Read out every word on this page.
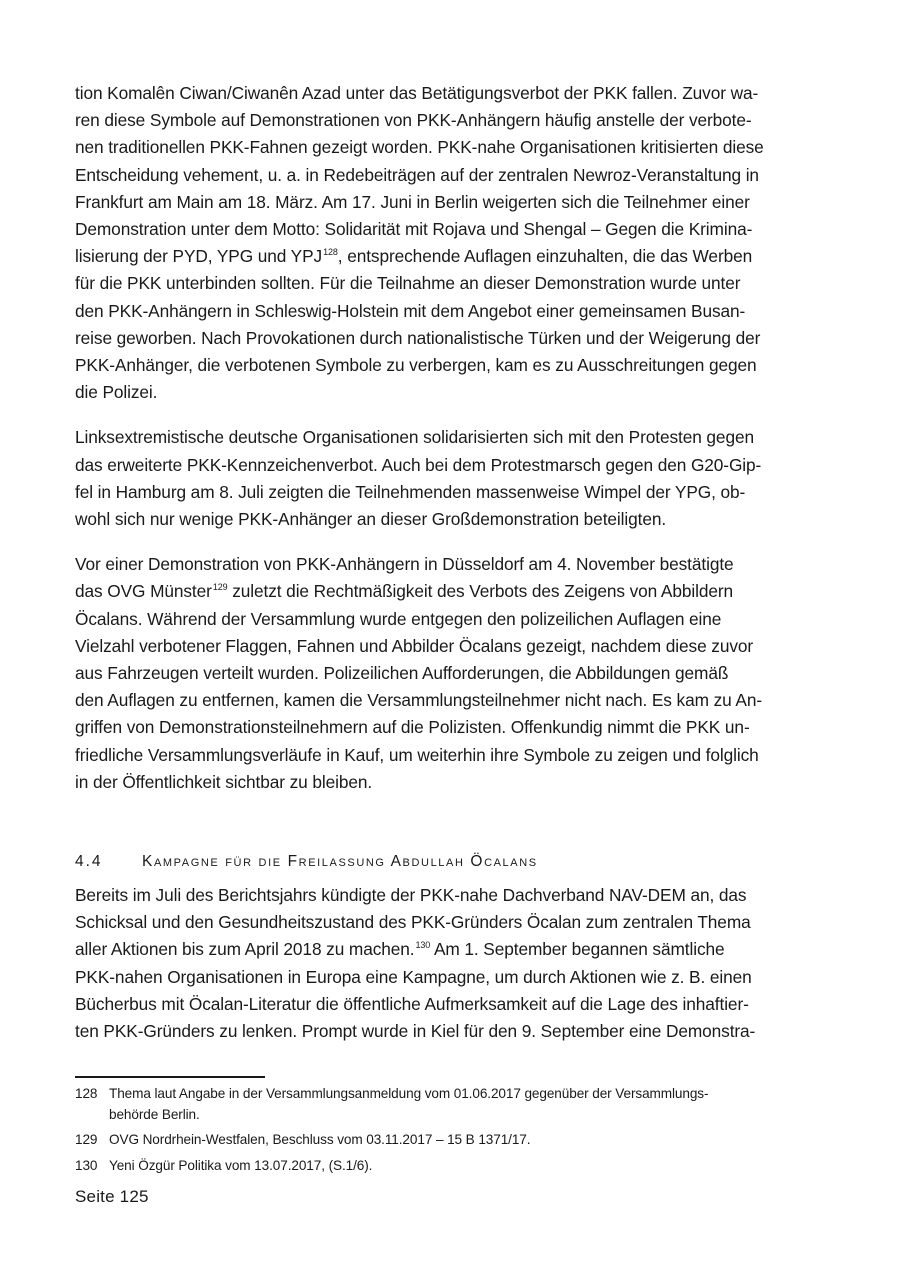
tion Komalên Ciwan/Ciwanên Azad unter das Betätigungsverbot der PKK fallen. Zuvor wa-
ren diese Symbole auf Demonstrationen von PKK-Anhängern häufig anstelle der verbote-
nen traditionellen PKK-Fahnen gezeigt worden. PKK-nahe Organisationen kritisierten diese
Entscheidung vehement, u. a. in Redebeiträgen auf der zentralen Newroz-Veranstaltung in
Frankfurt am Main am 18. März. Am 17. Juni in Berlin weigerten sich die Teilnehmer einer
Demonstration unter dem Motto: Solidarität mit Rojava und Shengal – Gegen die Krimina-
lisierung der PYD, YPG und YPJ$^{128}$, entsprechende Auflagen einzuhalten, die das Werben
für die PKK unterbinden sollten. Für die Teilnahme an dieser Demonstration wurde unter
den PKK-Anhängern in Schleswig-Holstein mit dem Angebot einer gemeinsamen Busan-
reise geworben. Nach Provokationen durch nationalistische Türken und der Weigerung der
PKK-Anhänger, die verbotenen Symbole zu verbergen, kam es zu Ausschreitungen gegen
die Polizei.

Linksextremistische deutsche Organisationen solidarisierten sich mit den Protesten gegen
das erweiterte PKK-Kennzeichenverbot. Auch bei dem Protestmarsch gegen den G20-Gip-
fel in Hamburg am 8. Juli zeigten die Teilnehmenden massenweise Wimpel der YPG, ob-
wohl sich nur wenige PKK-Anhänger an dieser Großdemonstration beteiligten.

Vor einer Demonstration von PKK-Anhängern in Düsseldorf am 4. November bestätigte
das OVG Münster$^{129}$ zuletzt die Rechtmäßigkeit des Verbots des Zeigens von Abbildern
Öcalans. Während der Versammlung wurde entgegen den polizeilichen Auflagen eine
Vielzahl verbotener Flaggen, Fahnen und Abbilder Öcalans gezeigt, nachdem diese zuvor
aus Fahrzeugen verteilt wurden. Polizeilichen Aufforderungen, die Abbildungen gemäß
den Auflagen zu entfernen, kamen die Versammlungsteilnehmer nicht nach. Es kam zu An-
griffen von Demonstrationsteilnehmern auf die Polizisten. Offenkundig nimmt die PKK un-
friedliche Versammlungsverläufe in Kauf, um weiterhin ihre Symbole zu zeigen und folglich
in der Öffentlichkeit sichtbar zu bleiben.

4.4	Kampagne für die Freilassung Abdullah Öcalans

Bereits im Juli des Berichtsjahrs kündigte der PKK-nahe Dachverband NAV-DEM an, das
Schicksal und den Gesundheitszustand des PKK-Gründers Öcalan zum zentralen Thema
aller Aktionen bis zum April 2018 zu machen.$^{130}$ Am 1. September begannen sämtliche
PKK-nahen Organisationen in Europa eine Kampagne, um durch Aktionen wie z. B. einen
Bücherbus mit Öcalan-Literatur die öffentliche Aufmerksamkeit auf die Lage des inhaftier-
ten PKK-Gründers zu lenken. Prompt wurde in Kiel für den 9. September eine Demonstra-

128 Thema laut Angabe in der Versammlungsanmeldung vom 01.06.2017 gegenüber der Versammlungs-
behörde Berlin.
129 OVG Nordrhein-Westfalen, Beschluss vom 03.11.2017 – 15 B 1371/17.
130 Yeni Özgür Politika vom 13.07.2017, (S.1/6).
Seite 125
